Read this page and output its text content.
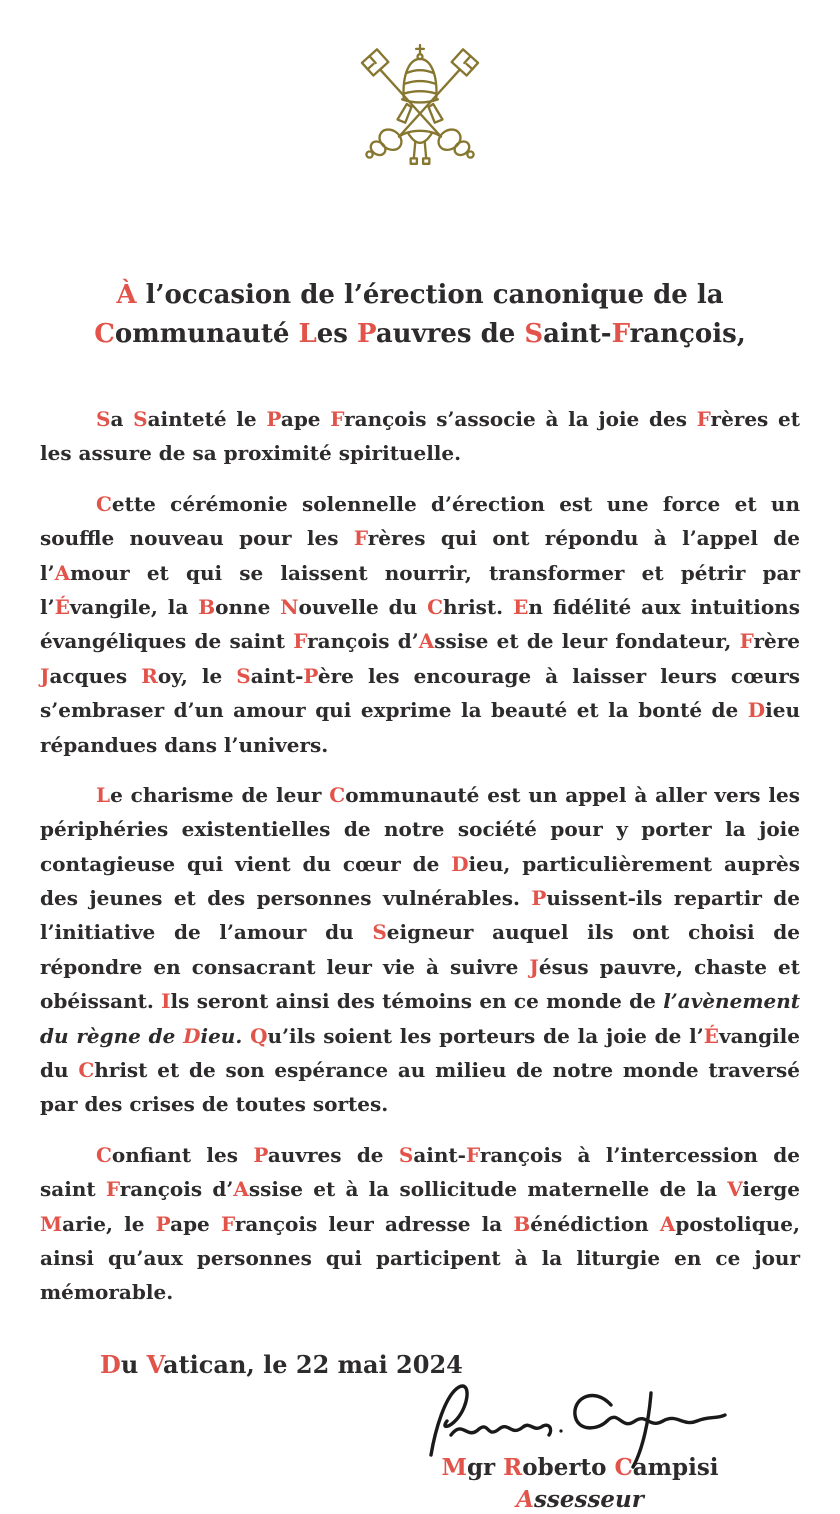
À l’occasion de l’érection canonique de la Communauté Les Pauvres de Saint-François,

Sa Sainteté le Pape François s’associe à la joie des Frères et les assure de sa proximité spirituelle.

Cette cérémonie solennelle d’érection est une force et un souffle nouveau pour les Frères qui ont répondu à l’appel de l’Amour et qui se laissent nourrir, transformer et pétrir par l’Évangile, la Bonne Nouvelle du Christ. En fidélité aux intuitions évangéliques de saint François d’Assise et de leur fondateur, Frère Jacques Roy, le Saint-Père les encourage à laisser leurs cœurs s’embraser d’un amour qui exprime la beauté et la bonté de Dieu répandues dans l’univers.

Le charisme de leur Communauté est un appel à aller vers les périphéries existentielles de notre société pour y porter la joie contagieuse qui vient du cœur de Dieu, particulièrement auprès des jeunes et des personnes vulnérables. Puissent-ils repartir de l’initiative de l’amour du Seigneur auquel ils ont choisi de répondre en consacrant leur vie à suivre Jésus pauvre, chaste et obéissant. Ils seront ainsi des témoins en ce monde de l’avènement du règne de Dieu. Qu’ils soient les porteurs de la joie de l’Évangile du Christ et de son espérance au milieu de notre monde traversé par des crises de toutes sortes.

Confiant les Pauvres de Saint-François à l’intercession de saint François d’Assise et à la sollicitude maternelle de la Vierge Marie, le Pape François leur adresse la Bénédiction Apostolique, ainsi qu’aux personnes qui participent à la liturgie en ce jour mémorable.

Du Vatican, le 22 mai 2024
Mgr Roberto Campisi
Assesseur
